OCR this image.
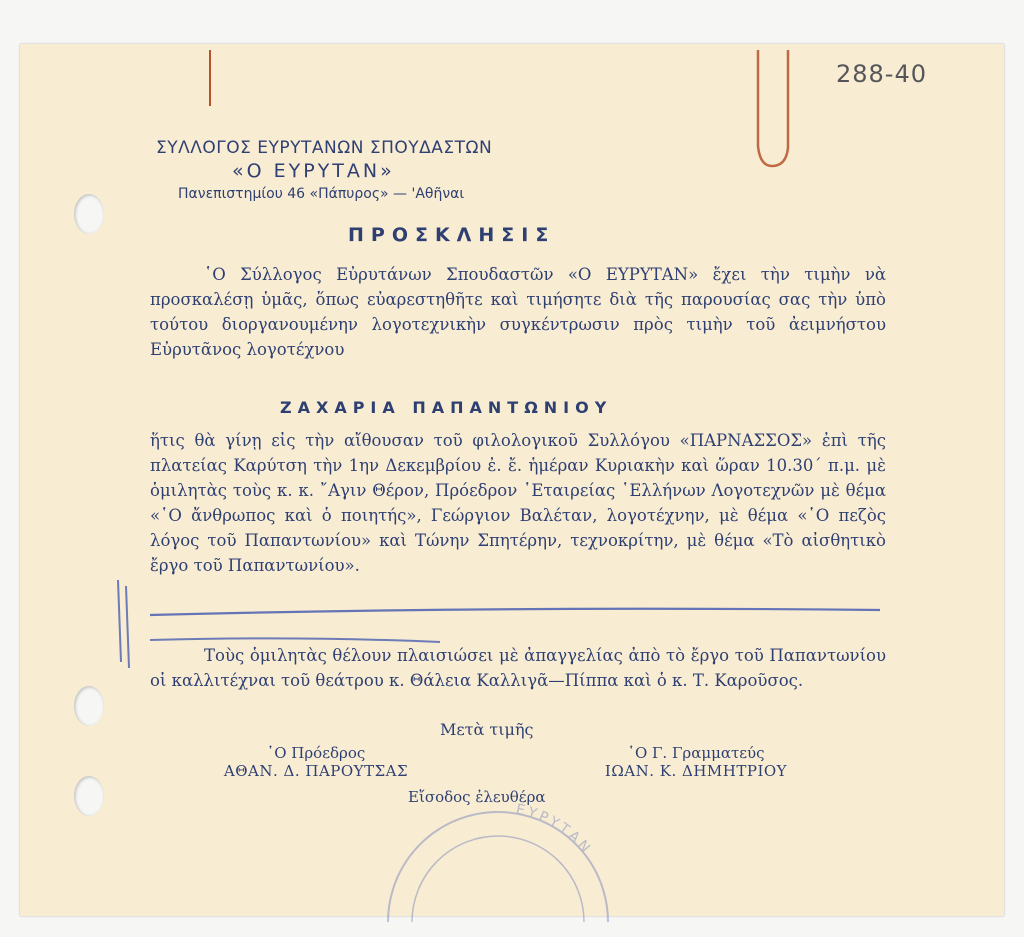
288-40
ΣΥΛΛΟΓΟΣ ΕΥΡΥΤΑΝΩΝ ΣΠΟΥΔΑΣΤΩΝ
«Ο ΕΥΡΥΤΑΝ»
Πανεπιστημίου 46 «Πάπυρος» — 'Αθῆναι
ΠΡΟΣΚΛΗΣΙΣ
῾Ο Σύλλογος Εὐρυτάνων Σπουδαστῶν «Ο ΕΥΡΥΤΑΝ» ἔχει τὴν τιμὴν νὰ προσκαλέσῃ ὑμᾶς, ὅπως εὐαρεστηθῆτε καὶ τιμήσητε διὰ τῆς παρουσίας σας τὴν ὑπὸ τούτου διοργανουμένην λογοτεχνικὴν συγκέντρωσιν πρὸς τιμὴν τοῦ ἀειμνήστου Εὐρυτᾶνος λογοτέχνου
ΖΑΧΑΡΙΑ ΠΑΠΑΝΤΩΝΙΟΥ
ἥτις θὰ γίνῃ εἰς τὴν αἴθουσαν τοῦ φιλολογικοῦ Συλλόγου «ΠΑΡΝΑΣΣΟΣ» ἐπὶ τῆς πλατείας Καρύτση τὴν 1ην Δεκεμβρίου ἐ. ἔ. ἡμέραν Κυριακὴν καὶ ὥραν 10.30΄ π.μ. μὲ ὁμιλητὰς τοὺς κ. κ. ῎Αγιν Θέρον, Πρόεδρον ῾Εταιρείας ῾Ελλήνων Λογοτεχνῶν μὲ θέμα «῾Ο ἄνθρωπος καὶ ὁ ποιητής», Γεώργιον Βαλέταν, λογοτέχνην, μὲ θέμα «῾Ο πεζὸς λόγος τοῦ Παπαντωνίου» καὶ Τώνην Σπητέρην, τεχνοκρίτην, μὲ θέμα «Τὸ αἰσθητικὸ ἔργο τοῦ Παπαντωνίου».
Τοὺς ὁμιλητὰς θέλουν πλαισιώσει μὲ ἀπαγγελίας ἀπὸ τὸ ἔργο τοῦ Παπαντωνίου οἱ καλλιτέχναι τοῦ θεάτρου κ. Θάλεια Καλλιγᾶ—Πίππα καὶ ὁ κ. Τ. Καροῦσος.
Μετὰ τιμῆς
῾Ο Πρόεδρος
ΑΘΑΝ. Δ. ΠΑΡΟΥΤΣΑΣ
῾Ο Γ. Γραμματεύς
ΙΩΑΝ. Κ. ΔΗΜΗΤΡΙΟΥ
Εἴσοδος ἐλευθέρα
ΕΥΡΥΤΑΝ
